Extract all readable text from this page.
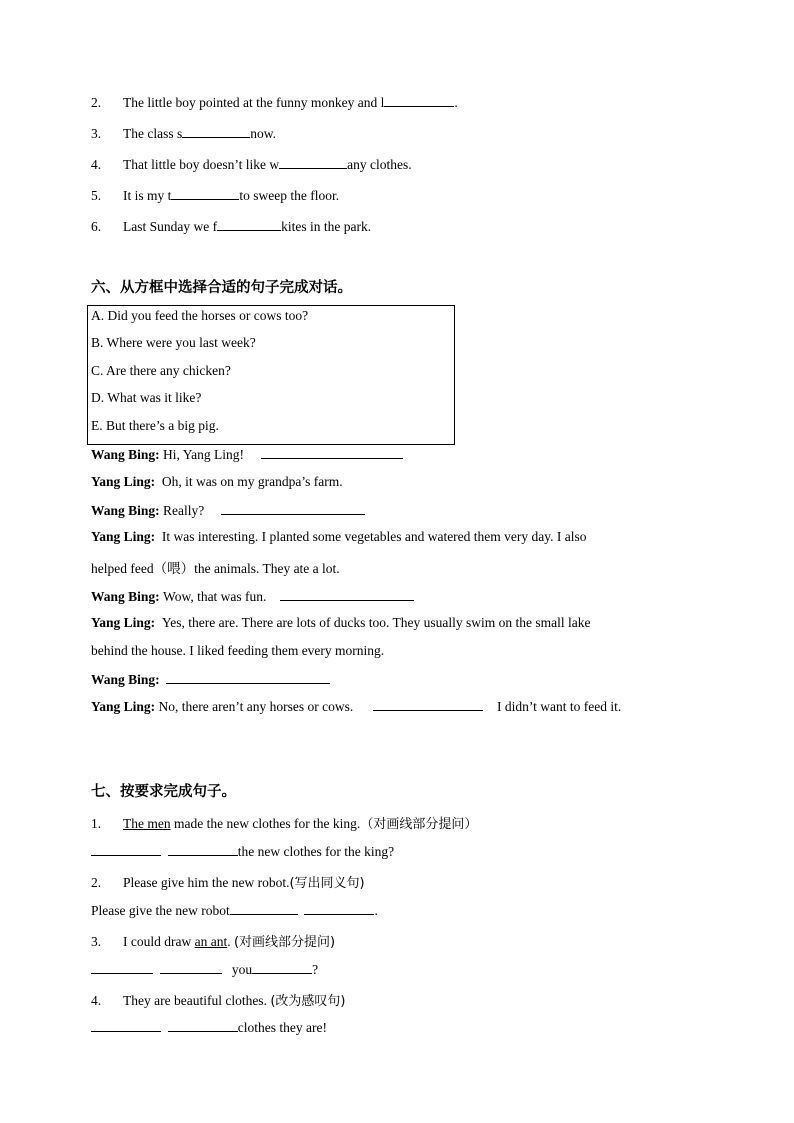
2. The little boy pointed at the funny monkey and l	.
3. The class s	now.
4. That little boy doesn’t like w	any clothes.
5. It is my t	to sweep the floor.
6. Last Sunday we f	kites in the park.
六、从方框中选择合适的句子完成对话。
A. Did you feed the horses or cows too?
B. Where were you last week?
C. Are there any chicken?
D. What was it like?
E. But there’s a big pig.
Wang Bing: Hi, Yang Ling!
Yang Ling: Oh, it was on my grandpa’s farm.
Wang Bing: Really?
Yang Ling: It was interesting. I planted some vegetables and watered them very day. I also
helped feed（喂）the animals. They ate a lot.
Wang Bing: Wow, that was fun.
Yang Ling: Yes, there are. There are lots of ducks too. They usually swim on the small lake
behind the house. I liked feeding them every morning.
Wang Bing:
Yang Ling: No, there aren’t any horses or cows.	I didn’t want to feed it.
七、按要求完成句子。
1. The men made the new clothes for the king.（对画线部分提问）
the new clothes for the king?
2. Please give him the new robot.(写出同义句)
Please give the new robot	.
3. I could draw an ant. (对画线部分提问)
you	?
4. They are beautiful clothes. (改为感叹句)
clothes they are!
